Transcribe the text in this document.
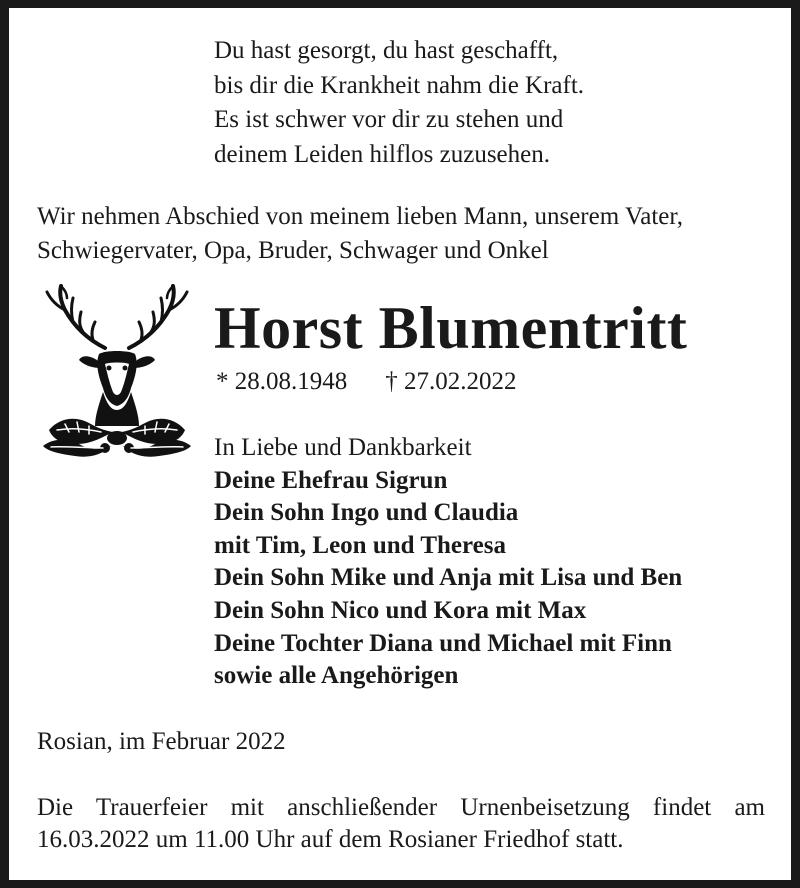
Du hast gesorgt, du hast geschafft,
bis dir die Krankheit nahm die Kraft.
Es ist schwer vor dir zu stehen und
deinem Leiden hilflos zuzusehen.
Wir nehmen Abschied von meinem lieben Mann, unserem Vater,
Schwiegervater, Opa, Bruder, Schwager und Onkel
Horst Blumentritt
* 28.08.1948 † 27.02.2022
In Liebe und Dankbarkeit
Deine Ehefrau Sigrun
Dein Sohn Ingo und Claudia
mit Tim, Leon und Theresa
Dein Sohn Mike und Anja mit Lisa und Ben
Dein Sohn Nico und Kora mit Max
Deine Tochter Diana und Michael mit Finn
sowie alle Angehörigen
Rosian, im Februar 2022
Die Trauerfeier mit anschließender Urnenbeisetzung findet am
16.03.2022 um 11.00 Uhr auf dem Rosianer Friedhof statt.
